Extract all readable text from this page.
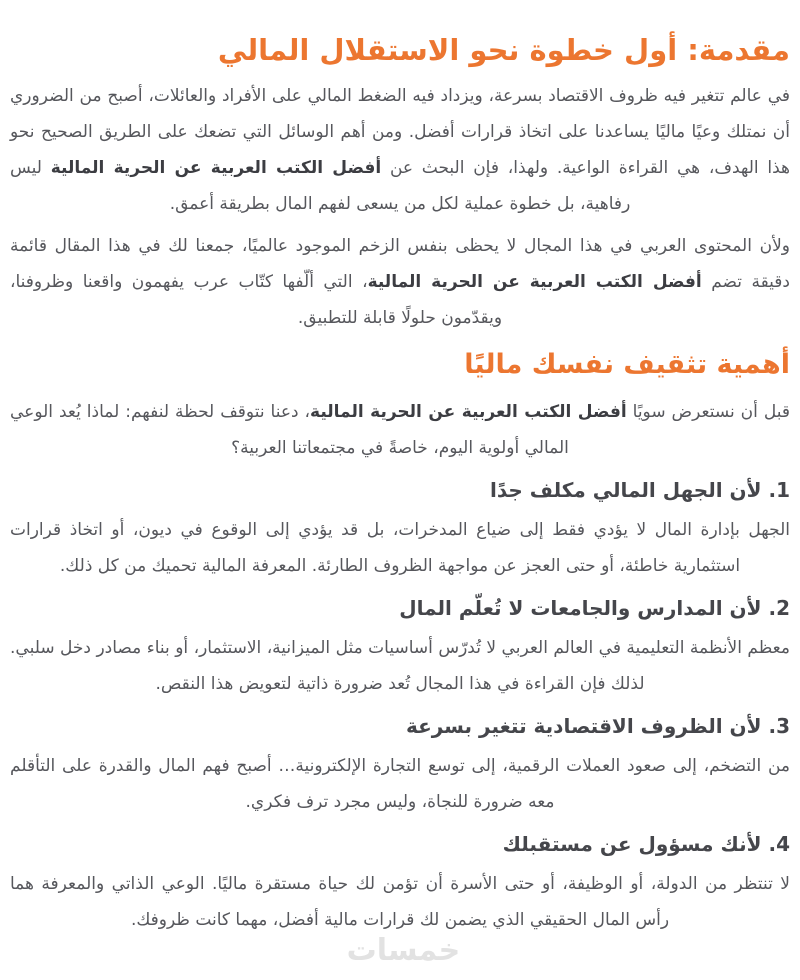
مقدمة: أول خطوة نحو الاستقلال المالي

في عالم تتغير فيه ظروف الاقتصاد بسرعة، ويزداد فيه الضغط المالي على الأفراد والعائلات، أصبح من الضروري أن نمتلك وعيًا ماليًا يساعدنا على اتخاذ قرارات أفضل. ومن أهم الوسائل التي تضعك على الطريق الصحيح نحو هذا الهدف، هي القراءة الواعية. ولهذا، فإن البحث عن أفضل الكتب العربية عن الحرية المالية ليس رفاهية، بل خطوة عملية لكل من يسعى لفهم المال بطريقة أعمق.

ولأن المحتوى العربي في هذا المجال لا يحظى بنفس الزخم الموجود عالميًا، جمعنا لك في هذا المقال قائمة دقيقة تضم أفضل الكتب العربية عن الحرية المالية، التي ألّفها كتّاب عرب يفهمون واقعنا وظروفنا، ويقدّمون حلولًا قابلة للتطبيق.

أهمية تثقيف نفسك ماليًا

قبل أن نستعرض سويًا أفضل الكتب العربية عن الحرية المالية، دعنا نتوقف لحظة لنفهم: لماذا يُعد الوعي المالي أولوية اليوم، خاصةً في مجتمعاتنا العربية؟

1. لأن الجهل المالي مكلف جدًا

الجهل بإدارة المال لا يؤدي فقط إلى ضياع المدخرات، بل قد يؤدي إلى الوقوع في ديون، أو اتخاذ قرارات استثمارية خاطئة، أو حتى العجز عن مواجهة الظروف الطارئة. المعرفة المالية تحميك من كل ذلك.

2. لأن المدارس والجامعات لا تُعلّم المال

معظم الأنظمة التعليمية في العالم العربي لا تُدرّس أساسيات مثل الميزانية، الاستثمار، أو بناء مصادر دخل سلبي. لذلك فإن القراءة في هذا المجال تُعد ضرورة ذاتية لتعويض هذا النقص.

3. لأن الظروف الاقتصادية تتغير بسرعة

من التضخم، إلى صعود العملات الرقمية، إلى توسع التجارة الإلكترونية… أصبح فهم المال والقدرة على التأقلم معه ضرورة للنجاة، وليس مجرد ترف فكري.

4. لأنك مسؤول عن مستقبلك

لا تنتظر من الدولة، أو الوظيفة، أو حتى الأسرة أن تؤمن لك حياة مستقرة ماليًا. الوعي الذاتي والمعرفة هما رأس المال الحقيقي الذي يضمن لك قرارات مالية أفضل، مهما كانت ظروفك.

خمسات
